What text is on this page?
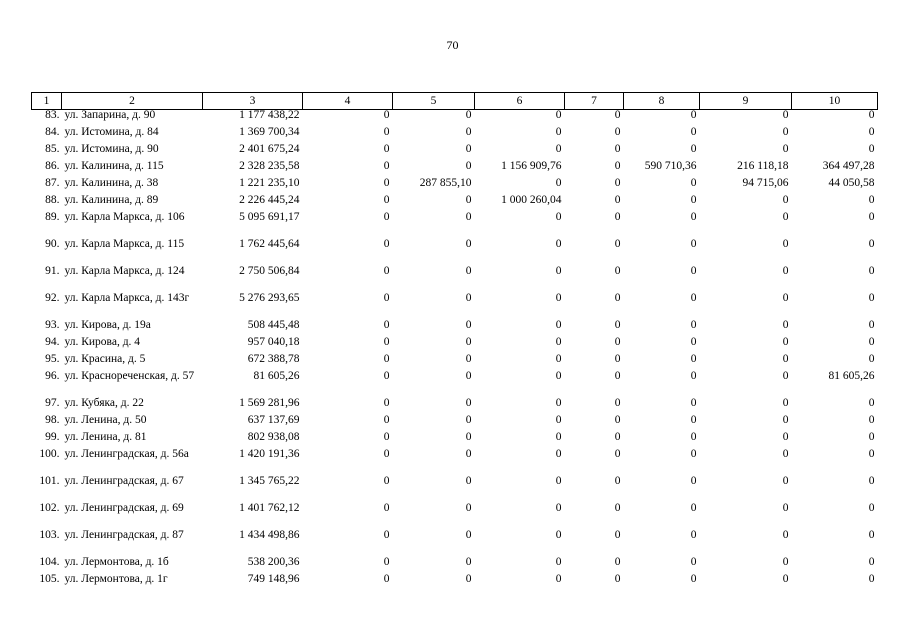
70
1	2	3	4	5	6	7	8	9	10
83.	ул. Запарина, д. 90	1 177 438,22	0	0	0	0	0	0	0
84.	ул. Истомина, д. 84	1 369 700,34	0	0	0	0	0	0	0
85.	ул. Истомина, д. 90	2 401 675,24	0	0	0	0	0	0	0
86.	ул. Калинина, д. 115	2 328 235,58	0	0	1 156 909,76	0	590 710,36	216 118,18	364 497,28
87.	ул. Калинина, д. 38	1 221 235,10	0	287 855,10	0	0	0	94 715,06	44 050,58
88.	ул. Калинина, д. 89	2 226 445,24	0	0	1 000 260,04	0	0	0	0
89.	ул. Карла Маркса, д. 106	5 095 691,17	0	0	0	0	0	0	0
90.	ул. Карла Маркса, д. 115	1 762 445,64	0	0	0	0	0	0	0
91.	ул. Карла Маркса, д. 124	2 750 506,84	0	0	0	0	0	0	0
92.	ул. Карла Маркса, д. 143г	5 276 293,65	0	0	0	0	0	0	0
93.	ул. Кирова, д. 19а	508 445,48	0	0	0	0	0	0	0
94.	ул. Кирова, д. 4	957 040,18	0	0	0	0	0	0	0
95.	ул. Красина, д. 5	672 388,78	0	0	0	0	0	0	0
96.	ул. Краснореченская, д. 57	81 605,26	0	0	0	0	0	0	81 605,26
97.	ул. Кубяка, д. 22	1 569 281,96	0	0	0	0	0	0	0
98.	ул. Ленина, д. 50	637 137,69	0	0	0	0	0	0	0
99.	ул. Ленина, д. 81	802 938,08	0	0	0	0	0	0	0
100.	ул. Ленинградская, д. 56а	1 420 191,36	0	0	0	0	0	0	0
101.	ул. Ленинградская, д. 67	1 345 765,22	0	0	0	0	0	0	0
102.	ул. Ленинградская, д. 69	1 401 762,12	0	0	0	0	0	0	0
103.	ул. Ленинградская, д. 87	1 434 498,86	0	0	0	0	0	0	0
104.	ул. Лермонтова, д. 1б	538 200,36	0	0	0	0	0	0	0
105.	ул. Лермонтова, д. 1г	749 148,96	0	0	0	0	0	0	0
